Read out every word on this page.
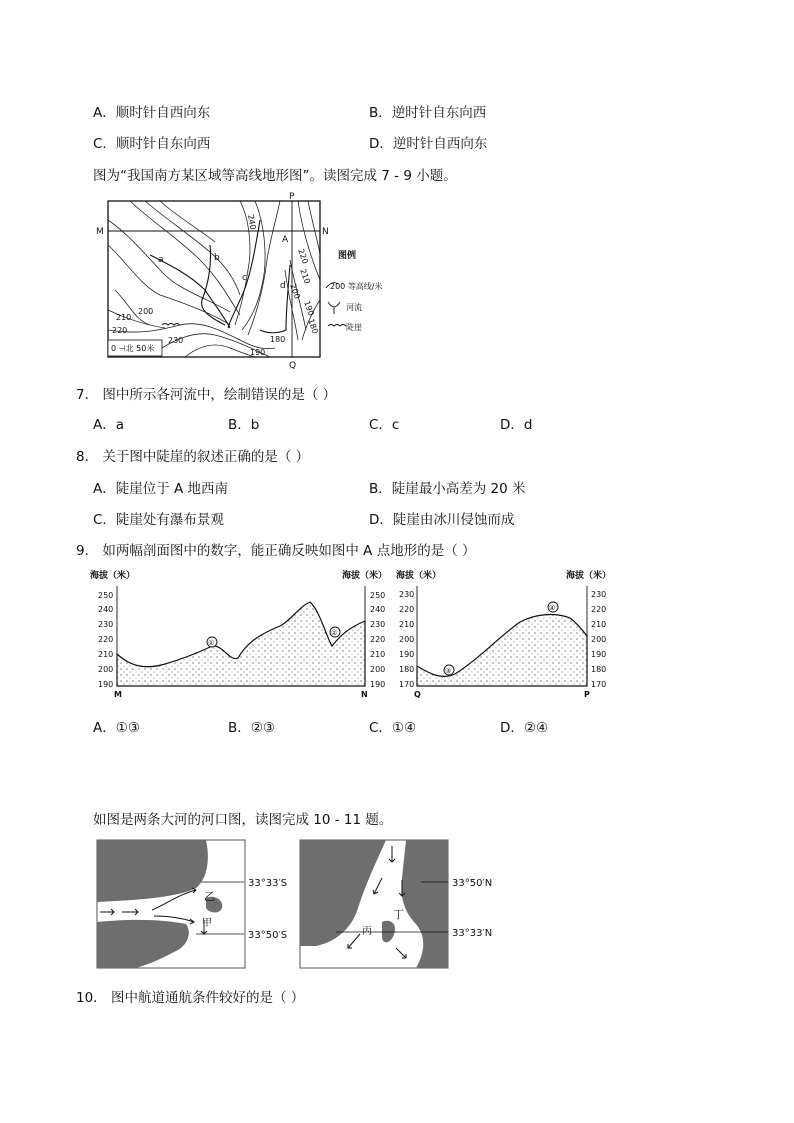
A．顺时针自西向东	B．逆时针自东向西
C．顺时针自东向西	D．逆时针自西向东
图为“我国南方某区域等高线地形图”。读图完成 7 - 9 小题。
M	N
P
Q
A
a	b
c
d
240
220
210
200
190
180
230
220
210
200
190
180
0 ⊣北 50米
图例
200 等高线/米
河流
陡崖
7． 图中所示各河流中，绘制错误的是（ ）
A．a	B．b	C．c	D．d
8． 关于图中陡崖的叙述正确的是（ ）
A．陡崖位于 A 地西南	B．陡崖最小高差为 20 米
C．陡崖处有瀑布景观	D．陡崖由冰川侵蚀而成
9． 如两幅剖面图中的数字，能正确反映如图中 A 点地形的是（ ）
海拔（米）	海拔（米）
①
②
250
240
230
220
210
200
190
250
240
230
220
210
200
190
M	N
海拔（米）	海拔（米）
③
④
230
220
210
200
190
180
170
230
220
210
200
190
180
170
Q	P
A．①③	B．②③	C．①④	D．②④
如图是两条大河的河口图，读图完成 10 - 11 题。
乙
甲
33°33′S
33°50′S	丙
丁
33°50′N
33°33′N
10． 图中航道通航条件较好的是（ ）
